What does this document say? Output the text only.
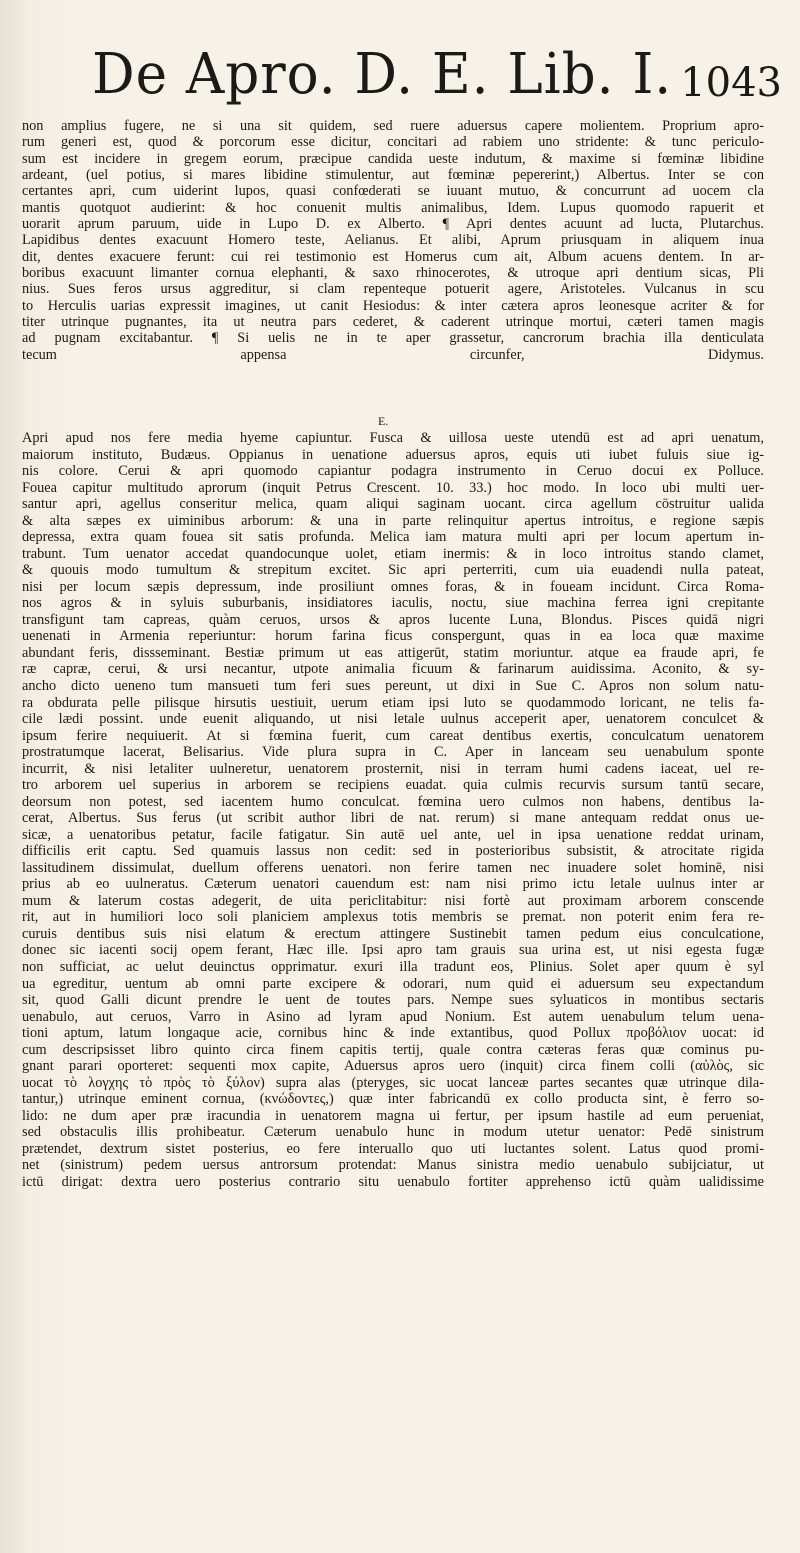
De Apro. D. E. Lib. I. 1043
non amplius fugere, ne si una sit quidem, sed ruere aduersus capere molientem. Proprium apro-
rum generi est, quod & porcorum esse dicitur, concitari ad rabiem uno stridente: & tunc periculo-
sum est incidere in gregem eorum, præcipue candida ueste indutum, & maxime si fœminæ libidine
ardeant, (uel potius, si mares libidine stimulentur, aut fœminæ pepererint,) Albertus. Inter se con
certantes apri, cum uiderint lupos, quasi confœderati se iuuant mutuo, & concurrunt ad uocem cla
mantis quotquot audierint: & hoc conuenit multis animalibus, Idem. Lupus quomodo rapuerit et
uorarit aprum paruum, uide in Lupo D. ex Alberto. ¶ Apri dentes acuunt ad lucta, Plutarchus.
Lapidibus dentes exacuunt Homero teste, Aelianus. Et alibi, Aprum priusquam in aliquem inua
dit, dentes exacuere ferunt: cui rei testimonio est Homerus cum ait, Album acuens dentem. In ar-
boribus exacuunt limanter cornua elephanti, & saxo rhinocerotes, & utroque apri dentium sicas, Pli
nius. Sues feros ursus aggreditur, si clam repenteque potuerit agere, Aristoteles. Vulcanus in scu
to Herculis uarias expressit imagines, ut canit Hesiodus: & inter cætera apros leonesque acriter & for
titer utrinque pugnantes, ita ut neutra pars cederet, & caderent utrinque mortui, cæteri tamen magis
ad pugnam excitabantur. ¶ Si uelis ne in te aper grassetur, cancrorum brachia illa denticulata
tecum appensa circunfer, Didymus.
E.
Apri apud nos fere media hyeme capiuntur. Fusca & uillosa ueste utendū est ad apri uenatum,
maiorum instituto, Budæus. Oppianus in uenatione aduersus apros, equis uti iubet fuluis siue ig-
nis colore. Cerui & apri quomodo capiantur podagra instrumento in Ceruo docui ex Polluce.
Fouea capitur multitudo aprorum (inquit Petrus Crescent. 10. 33.) hoc modo. In loco ubi multi uer-
santur apri, agellus conseritur melica, quam aliqui saginam uocant. circa agellum cōstruitur ualida
& alta sæpes ex uiminibus arborum: & una in parte relinquitur apertus introitus, e regione sæpis
depressa, extra quam fouea sit satis profunda. Melica iam matura multi apri per locum apertum in-
trabunt. Tum uenator accedat quandocunque uolet, etiam inermis: & in loco introitus stando clamet,
& quouis modo tumultum & strepitum excitet. Sic apri perterriti, cum uia euadendi nulla pateat,
nisi per locum sæpis depressum, inde prosiliunt omnes foras, & in foueam incidunt. Circa Roma-
nos agros & in syluis suburbanis, insidiatores iaculis, noctu, siue machina ferrea igni crepitante
transfigunt tam capreas, quàm ceruos, ursos & apros lucente Luna, Blondus. Pisces quidā nigri
uenenati in Armenia reperiuntur: horum farina ficus conspergunt, quas in ea loca quæ maxime
abundant feris, dissseminant. Bestiæ primum ut eas attigerūt, statim moriuntur. atque ea fraude apri, fe
ræ capræ, cerui, & ursi necantur, utpote animalia ficuum & farinarum auidissima. Aconito, & sy-
ancho dicto ueneno tum mansueti tum feri sues pereunt, ut dixi in Sue C. Apros non solum natu-
ra obdurata pelle pilisque hirsutis uestiuit, uerum etiam ipsi luto se quodammodo loricant, ne telis fa-
cile lædi possint. unde euenit aliquando, ut nisi letale uulnus acceperit aper, uenatorem conculcet &
ipsum ferire nequiuerit. At si fœmina fuerit, cum careat dentibus exertis, conculcatum uenatorem
prostratumque lacerat, Belisarius. Vide plura supra in C. Aper in lanceam seu uenabulum sponte
incurrit, & nisi letaliter uulneretur, uenatorem prosternit, nisi in terram humi cadens iaceat, uel re-
tro arborem uel superius in arborem se recipiens euadat. quia culmis recurvis sursum tantū secare,
deorsum non potest, sed iacentem humo conculcat. fœmina uero culmos non habens, dentibus la-
cerat, Albertus. Sus ferus (ut scribit author libri de nat. rerum) si mane antequam reddat onus ue-
sicæ, a uenatoribus petatur, facile fatigatur. Sin autē uel ante, uel in ipsa uenatione reddat urinam,
difficilis erit captu. Sed quamuis lassus non cedit: sed in posterioribus subsistit, & atrocitate rigida
lassitudinem dissimulat, duellum offerens uenatori. non ferire tamen nec inuadere solet hominē, nisi
prius ab eo uulneratus. Cæterum uenatori cauendum est: nam nisi primo ictu letale uulnus inter ar
mum & laterum costas adegerit, de uita periclitabitur: nisi fortè aut proximam arborem conscende
rit, aut in humiliori loco soli planiciem amplexus totis membris se premat. non poterit enim fera re-
curuis dentibus suis nisi elatum & erectum attingere Sustinebit tamen pedum eius conculcatione,
donec sic iacenti socij opem ferant, Hæc ille. Ipsi apro tam grauis sua urina est, ut nisi egesta fugæ
non sufficiat, ac uelut deuinctus opprimatur. exuri illa tradunt eos, Plinius. Solet aper quum è syl
ua egreditur, uentum ab omni parte excipere & odorari, num quid ei aduersum seu expectandum
sit, quod Galli dicunt prendre le uent de toutes pars. Nempe sues syluaticos in montibus sectaris
uenabulo, aut ceruos, Varro in Asino ad lyram apud Nonium. Est autem uenabulum telum uena-
tioni aptum, latum longaque acie, cornibus hinc & inde extantibus, quod Pollux προβόλιον uocat: id
cum descripsisset libro quinto circa finem capitis tertij, quale contra cæteras feras quæ cominus pu-
gnant parari oporteret: sequenti mox capite, Aduersus apros uero (inquit) circa finem colli (αὐλὸς, sic
uocat τὸ λογχης τὸ πρὸς τὸ ξύλον) supra alas (pteryges, sic uocat lanceæ partes secantes quæ utrinque dila-
tantur,) utrinque eminent cornua, (κνώδοντες,) quæ inter fabricandū ex collo producta sint, è ferro so-
lido: ne dum aper præ iracundia in uenatorem magna ui fertur, per ipsum hastile ad eum perueniat,
sed obstaculis illis prohibeatur. Cæterum uenabulo hunc in modum utetur uenator: Pedē sinistrum
prætendet, dextrum sistet posterius, eo fere interuallo quo uti luctantes solent. Latus quod promi-
net (sinistrum) pedem uersus antrorsum protendat: Manus sinistra medio uenabulo subijciatur, ut
ictū dirigat: dextra uero posterius contrario situ uenabulo fortiter apprehenso ictū quàm ualidissime
